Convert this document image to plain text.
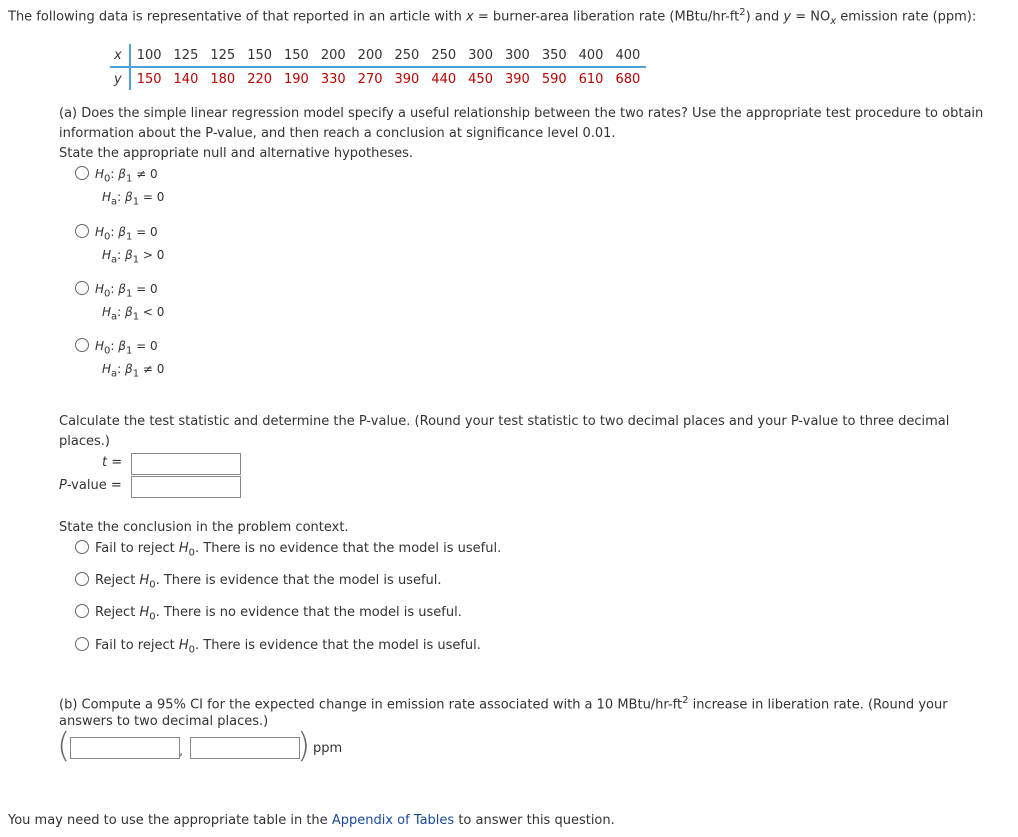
The following data is representative of that reported in an article with x = burner-area liberation rate $(MBtu/hr-ft^2)$ and $y = NO_x$ emission rate (ppm):
x	100	125	125	150	150	200	200	250	250	300	300	350	400	400
y	150	140	180	220	190	330	270	390	440	450	390	590	610	680
(a) Does the simple linear regression model specify a useful relationship between the two rates? Use the appropriate test procedure to obtain
information about the P-value, and then reach a conclusion at significance level 0.01.
State the appropriate null and alternative hypotheses.
$H_0$: $\beta_1 \ne 0$
$H_a$: $\beta_1 = 0$
$H_0$: $\beta_1 = 0$
$H_a$: $\beta_1 > 0$
$H_0$: $\beta_1 = 0$
$H_a$: $\beta_1 < 0$
$H_0$: $\beta_1 = 0$
$H_a$: $\beta_1 \ne 0$
Calculate the test statistic and determine the P-value. (Round your test statistic to two decimal places and your P-value to three decimal
places.)
t =
P-value =
State the conclusion in the problem context.
Fail to reject $H_0$. There is no evidence that the model is useful.
Reject $H_0$. There is evidence that the model is useful.
Reject $H_0$. There is no evidence that the model is useful.
Fail to reject $H_0$. There is evidence that the model is useful.
(b) Compute a 95% CI for the expected change in emission rate associated with a 10 MBtu/$hr-ft^2$ increase in liberation rate. (Round your
answers to two decimal places.)
(	,	) ppm
You may need to use the appropriate table in the Appendix of Tables to answer this question.
